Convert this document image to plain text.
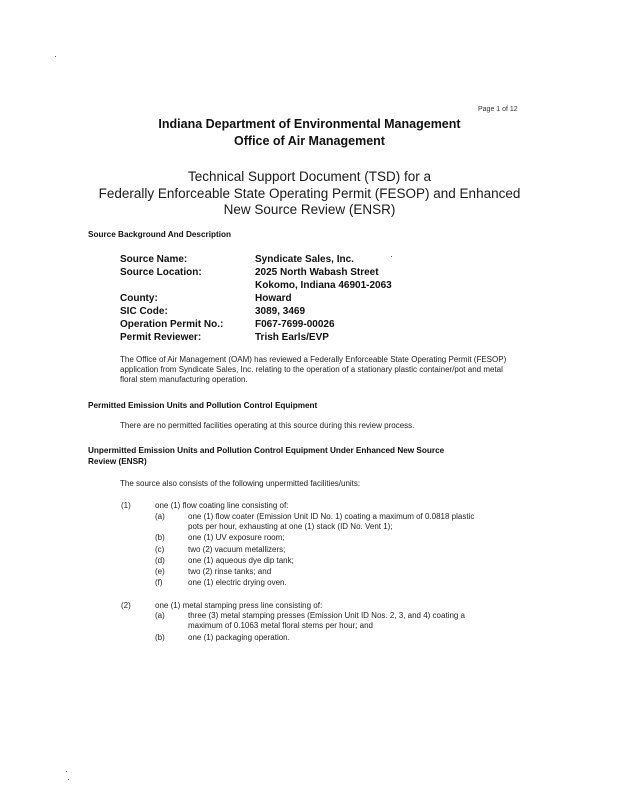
Page 1 of 12
Indiana Department of Environmental Management
Office of Air Management
Technical Support Document (TSD) for a
Federally Enforceable State Operating Permit (FESOP) and Enhanced
New Source Review (ENSR)
Source Background And Description
Source Name:	Syndicate Sales, Inc.
Source Location:	2025 North Wabash Street
Kokomo, Indiana 46901-2063
County:	Howard
SIC Code:	3089, 3469
Operation Permit No.:	F067-7699-00026
Permit Reviewer:	Trish Earls/EVP
The Office of Air Management (OAM) has reviewed a Federally Enforceable State Operating Permit (FESOP) application from Syndicate Sales, Inc. relating to the operation of a stationary plastic container/pot and metal floral stem manufacturing operation.
Permitted Emission Units and Pollution Control Equipment
There are no permitted facilities operating at this source during this review process.
Unpermitted Emission Units and Pollution Control Equipment Under Enhanced New Source
Review (ENSR)
The source also consists of the following unpermitted facilities/units:
(1)	one (1) flow coating line consisting of:
(a)	one (1) flow coater (Emission Unit ID No. 1) coating a maximum of 0.0818 plastic
pots per hour, exhausting at one (1) stack (ID No. Vent 1);
(b)	one (1) UV exposure room;
(c)	two (2) vacuum metallizers;
(d)	one (1) aqueous dye dip tank;
(e)	two (2) rinse tanks; and
(f)	one (1) electric drying oven.
(2)	one (1) metal stamping press line consisting of:
(a)	three (3) metal stamping presses (Emission Unit ID Nos. 2, 3, and 4) coating a
maximum of 0.1063 metal floral stems per hour; and
(b)	one (1) packaging operation.
